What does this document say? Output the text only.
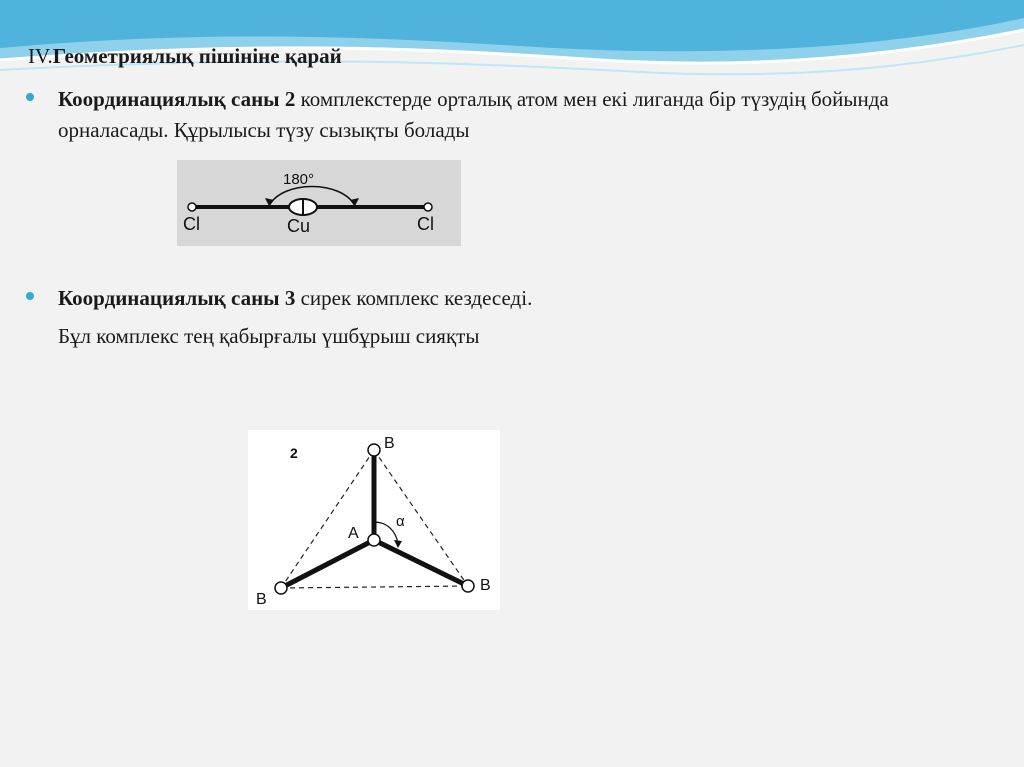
IV.Геометриялық пішініне қарай
Координациялық саны 2 комплекстерде орталық атом мен екі лиганда бір түзудің бойында орналасады. Құрылысы түзу сызықты болады
180°
Cl	Cu	Cl
Координациялық саны 3 сирек комплекс кездеседі.
Бұл комплекс тең қабырғалы үшбұрыш сияқты
2
B
A
α
B
B
